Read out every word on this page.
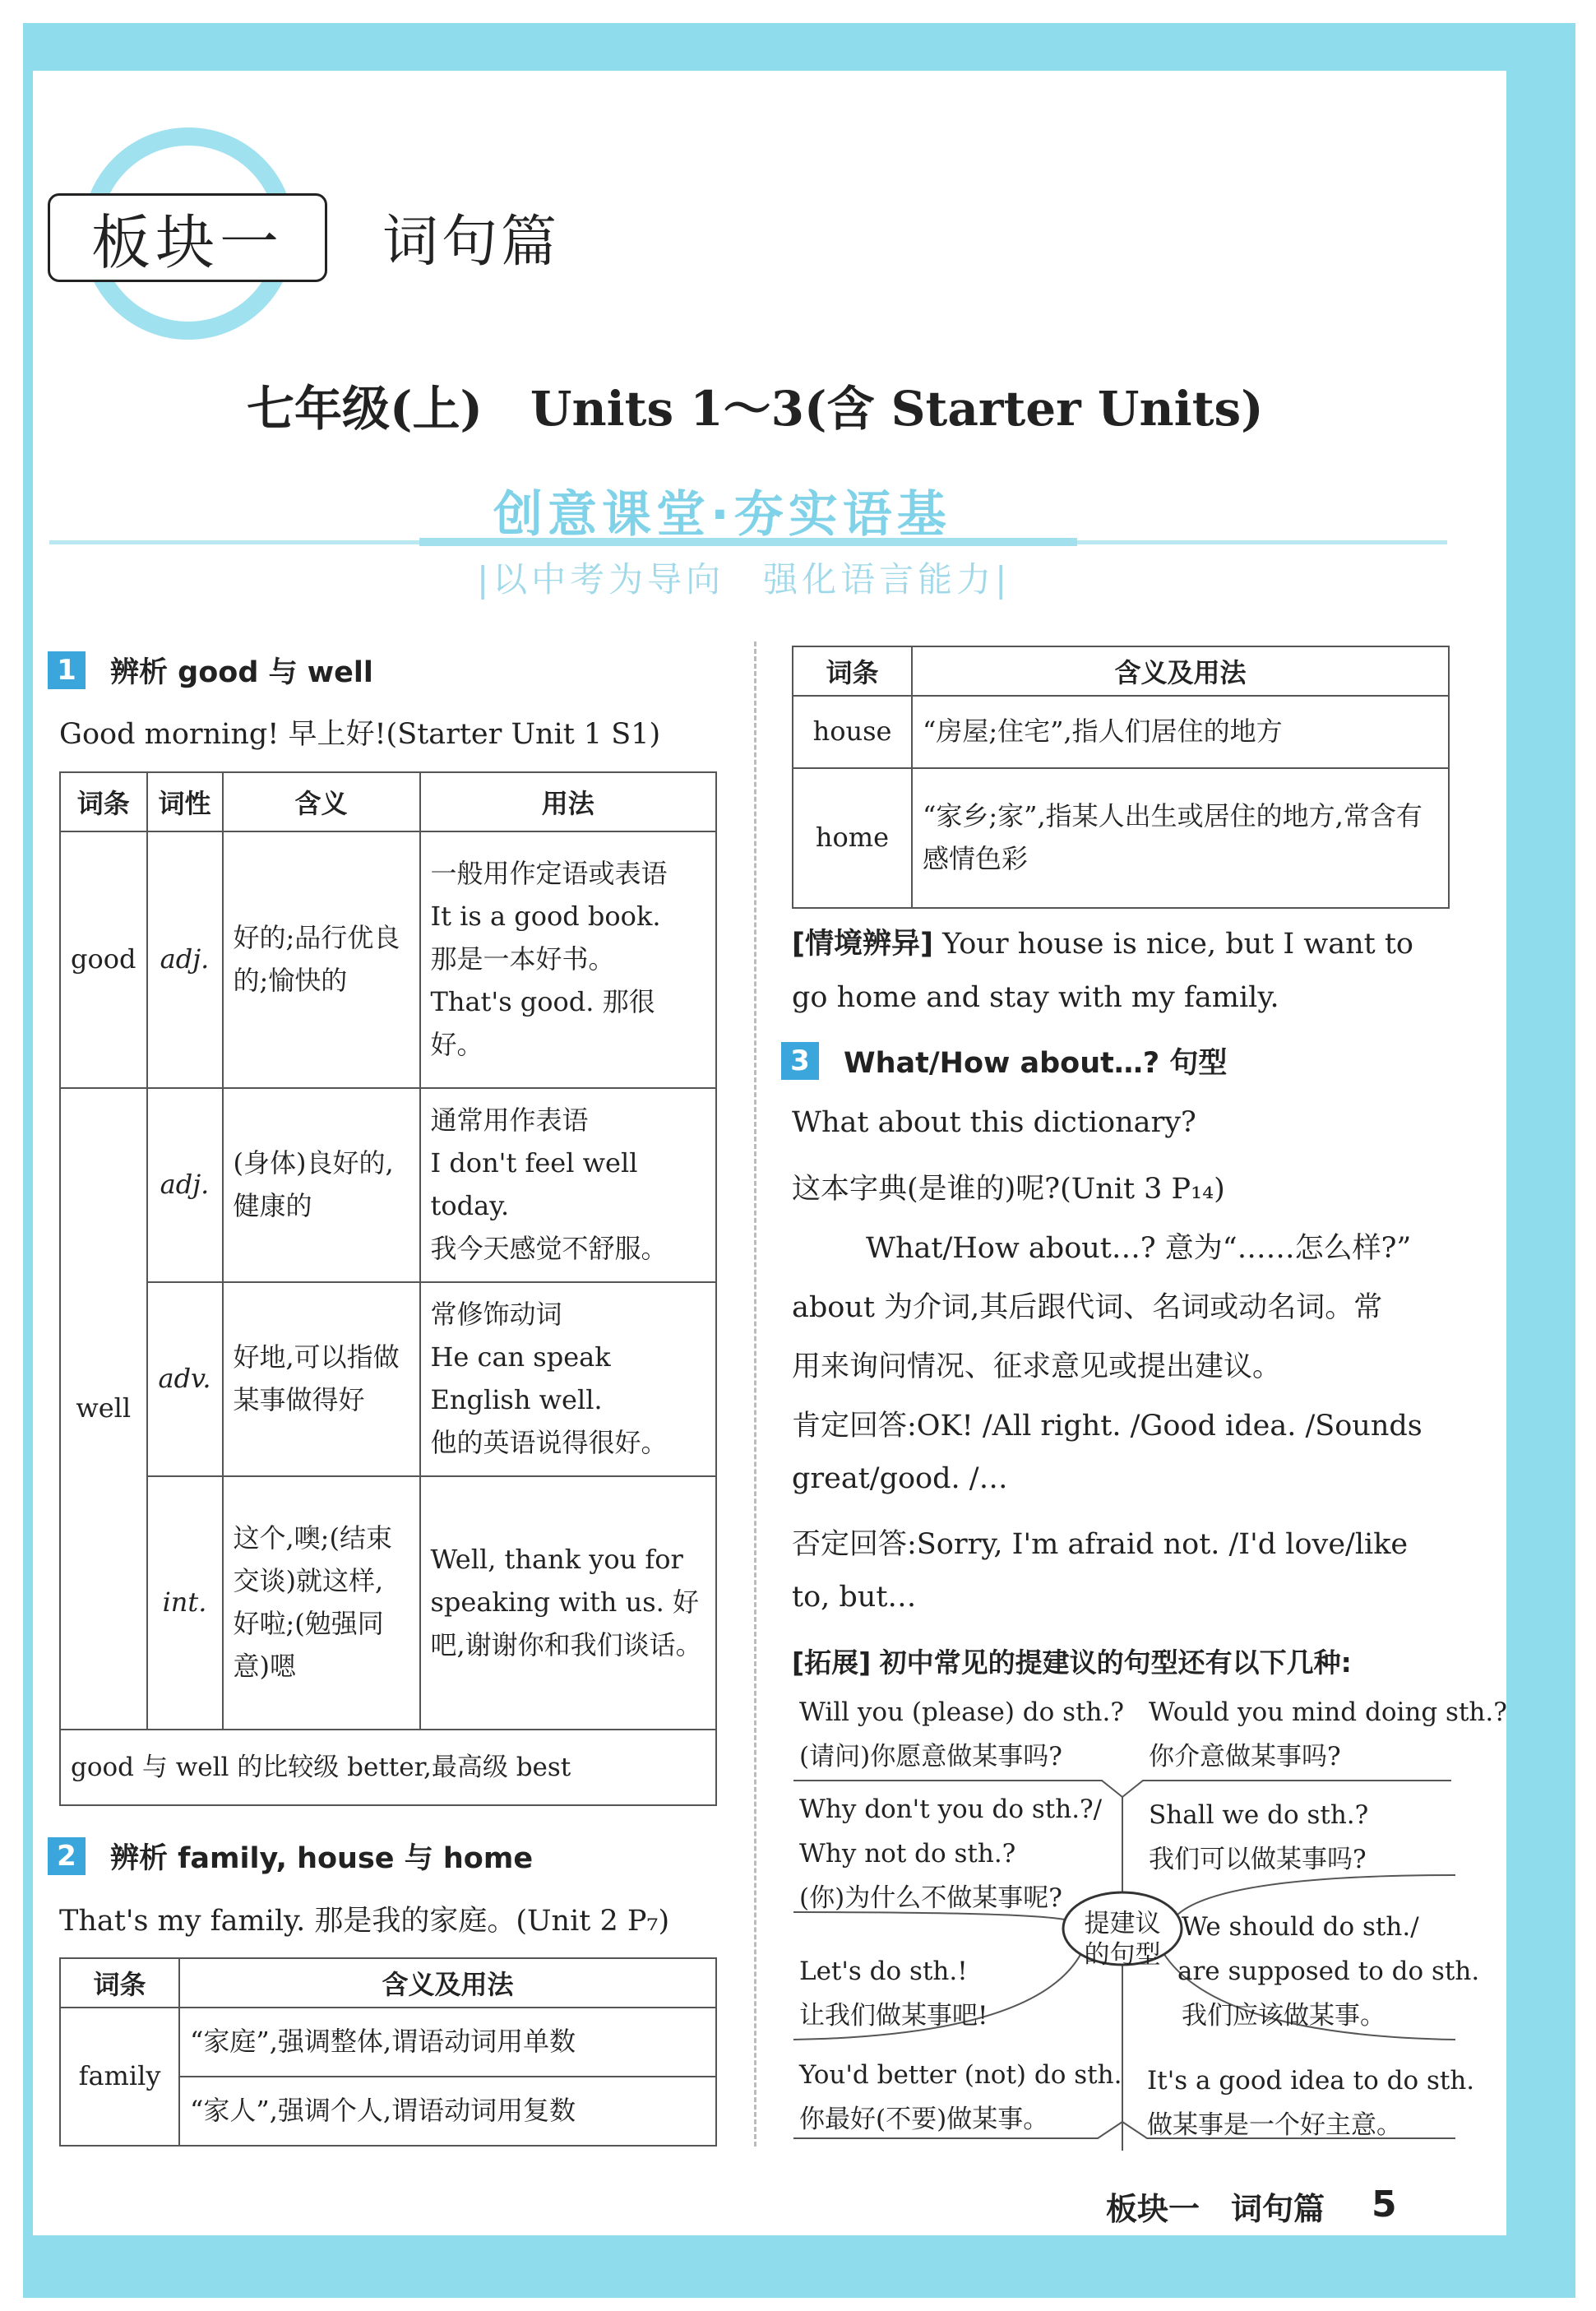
板块一	词句篇
七年级(上)　Units 1～3(含 Starter Units)
创意课堂·夯实语基
|以中考为导向　强化语言能力|
1	辨析 good 与 well
Good morning! 早上好!(Starter Unit 1 S1)
词条	词性	含义	用法
good	adj.	好的;品行优良的;愉快的	一般用作定语或表语
It is a good book.
那是一本好书。
That's good. 那很好。

well	adj.	(身体)良好的,健康的	通常用作表语
I don't feel well today.
我今天感觉不舒服。

	adv.	好地,可以指做某事做得好	常修饰动词
He can speak English well.
他的英语说得很好。

	int.	这个,噢;(结束交谈)就这样,好啦;(勉强同意)嗯	Well, thank you for speaking with us. 好吧,谢谢你和我们谈话。
good 与 well 的比较级 better,最高级 best			
2	辨析 family, house 与 home
That's my family. 那是我的家庭。(Unit 2 P₇)
词条	含义及用法
family	“家庭”,强调整体,谓语动词用单数
	“家人”,强调个人,谓语动词用复数
词条	含义及用法
house	“房屋;住宅”,指人们居住的地方
home	“家乡;家”,指某人出生或居住的地方,常含有感情色彩
[情境辨异] Your house is nice, but I want to
go home and stay with my family.
3	What/How about…? 句型
What about this dictionary?
这本字典(是谁的)呢?(Unit 3 P₁₄)
What/How about…? 意为“……怎么样?”
about 为介词,其后跟代词、名词或动名词。常
用来询问情况、征求意见或提出建议。
肯定回答:OK! /All right. /Good idea. /Sounds
great/good. /…
否定回答:Sorry, I'm afraid not. /I'd love/like
to, but…
[拓展] 初中常见的提建议的句型还有以下几种:
提建议的句型
Will you (please) do sth.?
(请问)你愿意做某事吗?
Would you mind doing sth.?
你介意做某事吗?
Why don't you do sth.?/
Why not do sth.?
(你)为什么不做某事呢?
Shall we do sth.?
我们可以做某事吗?
We should do sth./
are supposed to do sth.
我们应该做某事。
Let's do sth.!
让我们做某事吧!
You'd better (not) do sth.
你最好(不要)做某事。
It's a good idea to do sth.
做某事是一个好主意。
板块一　词句篇 5
